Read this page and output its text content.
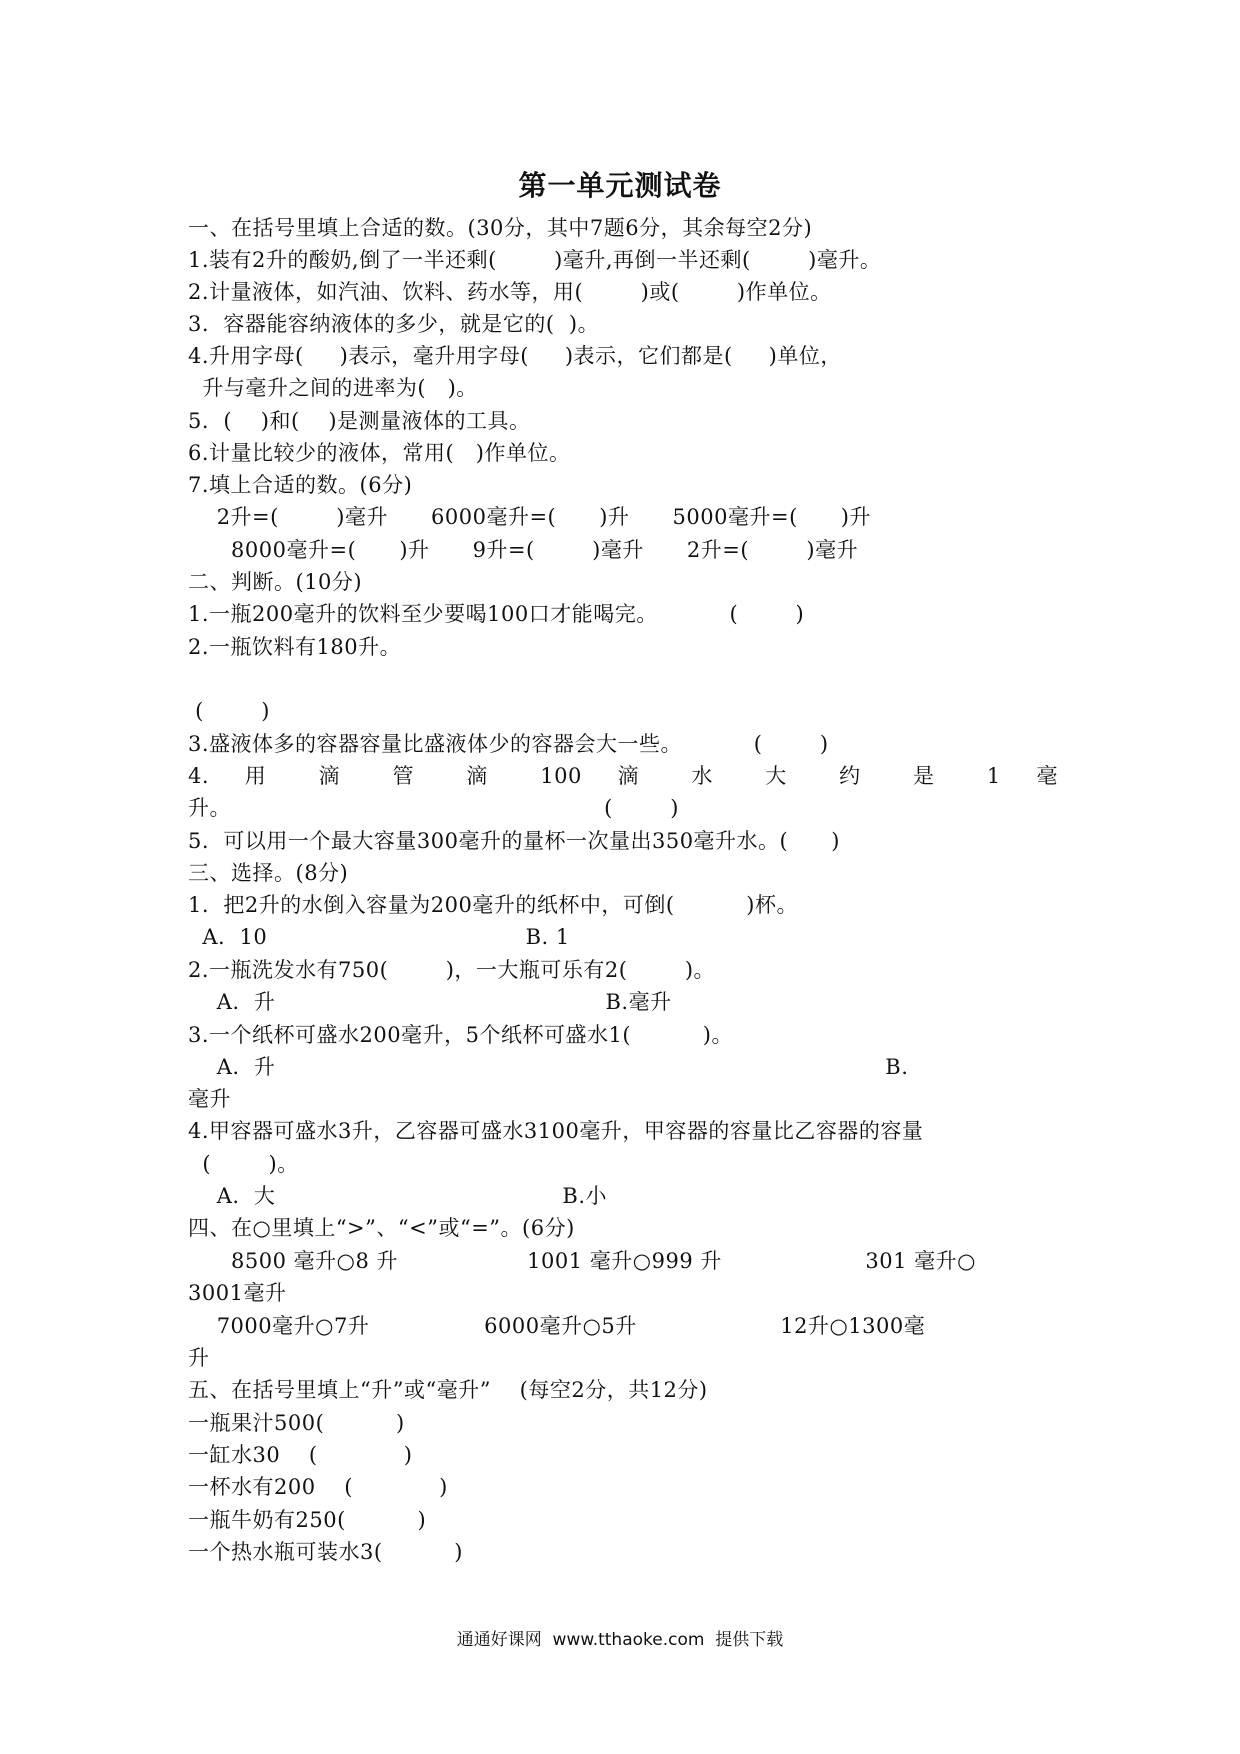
第一单元测试卷
一、在括号里填上合适的数。(30分，其中7题6分，其余每空2分)
1.装有2升的酸奶,倒了一半还剩(        )毫升,再倒一半还剩(        )毫升。
2.计量液体，如汽油、饮料、药水等，用(        )或(        )作单位。
3.  容器能容纳液体的多少，就是它的(  )。
4.升用字母(     )表示，毫升用字母(     )表示，它们都是(     )单位，
升与毫升之间的进率为(   )。
5.  (    )和(    )是测量液体的工具。
6.计量比较少的液体，常用(   )作单位。
7.填上合适的数。(6分)
2升=(        )毫升      6000毫升=(      )升      5000毫升=(      )升
8000毫升=(      )升      9升=(        )毫升      2升=(        )毫升
二、判断。(10分)
1.一瓶200毫升的饮料至少要喝100口才能喝完。          (        )
2.一瓶饮料有180升。
(        )
3.盛液体多的容器容量比盛液体少的容器会大一些。          (        )
4. 用 滴 管 滴 100 滴 水 大 约 是 1 毫
升。                                                    (        )
5.  可以用一个最大容量300毫升的量杯一次量出350毫升水。(      )
三、选择。(8分)
1.  把2升的水倒入容量为200毫升的纸杯中，可倒(          )杯。
A.  10                                    B. 1
2.一瓶洗发水有750(        )，一大瓶可乐有2(        )。
A.  升                                              B.毫升
3.一个纸杯可盛水200毫升，5个纸杯可盛水1(          )。
A.  升                                                                                     B.
毫升
4.甲容器可盛水3升，乙容器可盛水3100毫升，甲容器的容量比乙容器的容量
(        )。
A.  大                                        B.小
四、在○里填上“>”、“<”或“=”。(6分)
8500 毫升○8 升                  1001 毫升○999 升                    301 毫升○
3001毫升
7000毫升○7升                6000毫升○5升                    12升○1300毫
升
五、在括号里填上“升”或“毫升”    (每空2分，共12分)
一瓶果汁500(          )
一缸水30    (            )
一杯水有200    (            )
一瓶牛奶有250(          )
一个热水瓶可装水3(          )
通通好课网  www.tthaoke.com  提供下载
